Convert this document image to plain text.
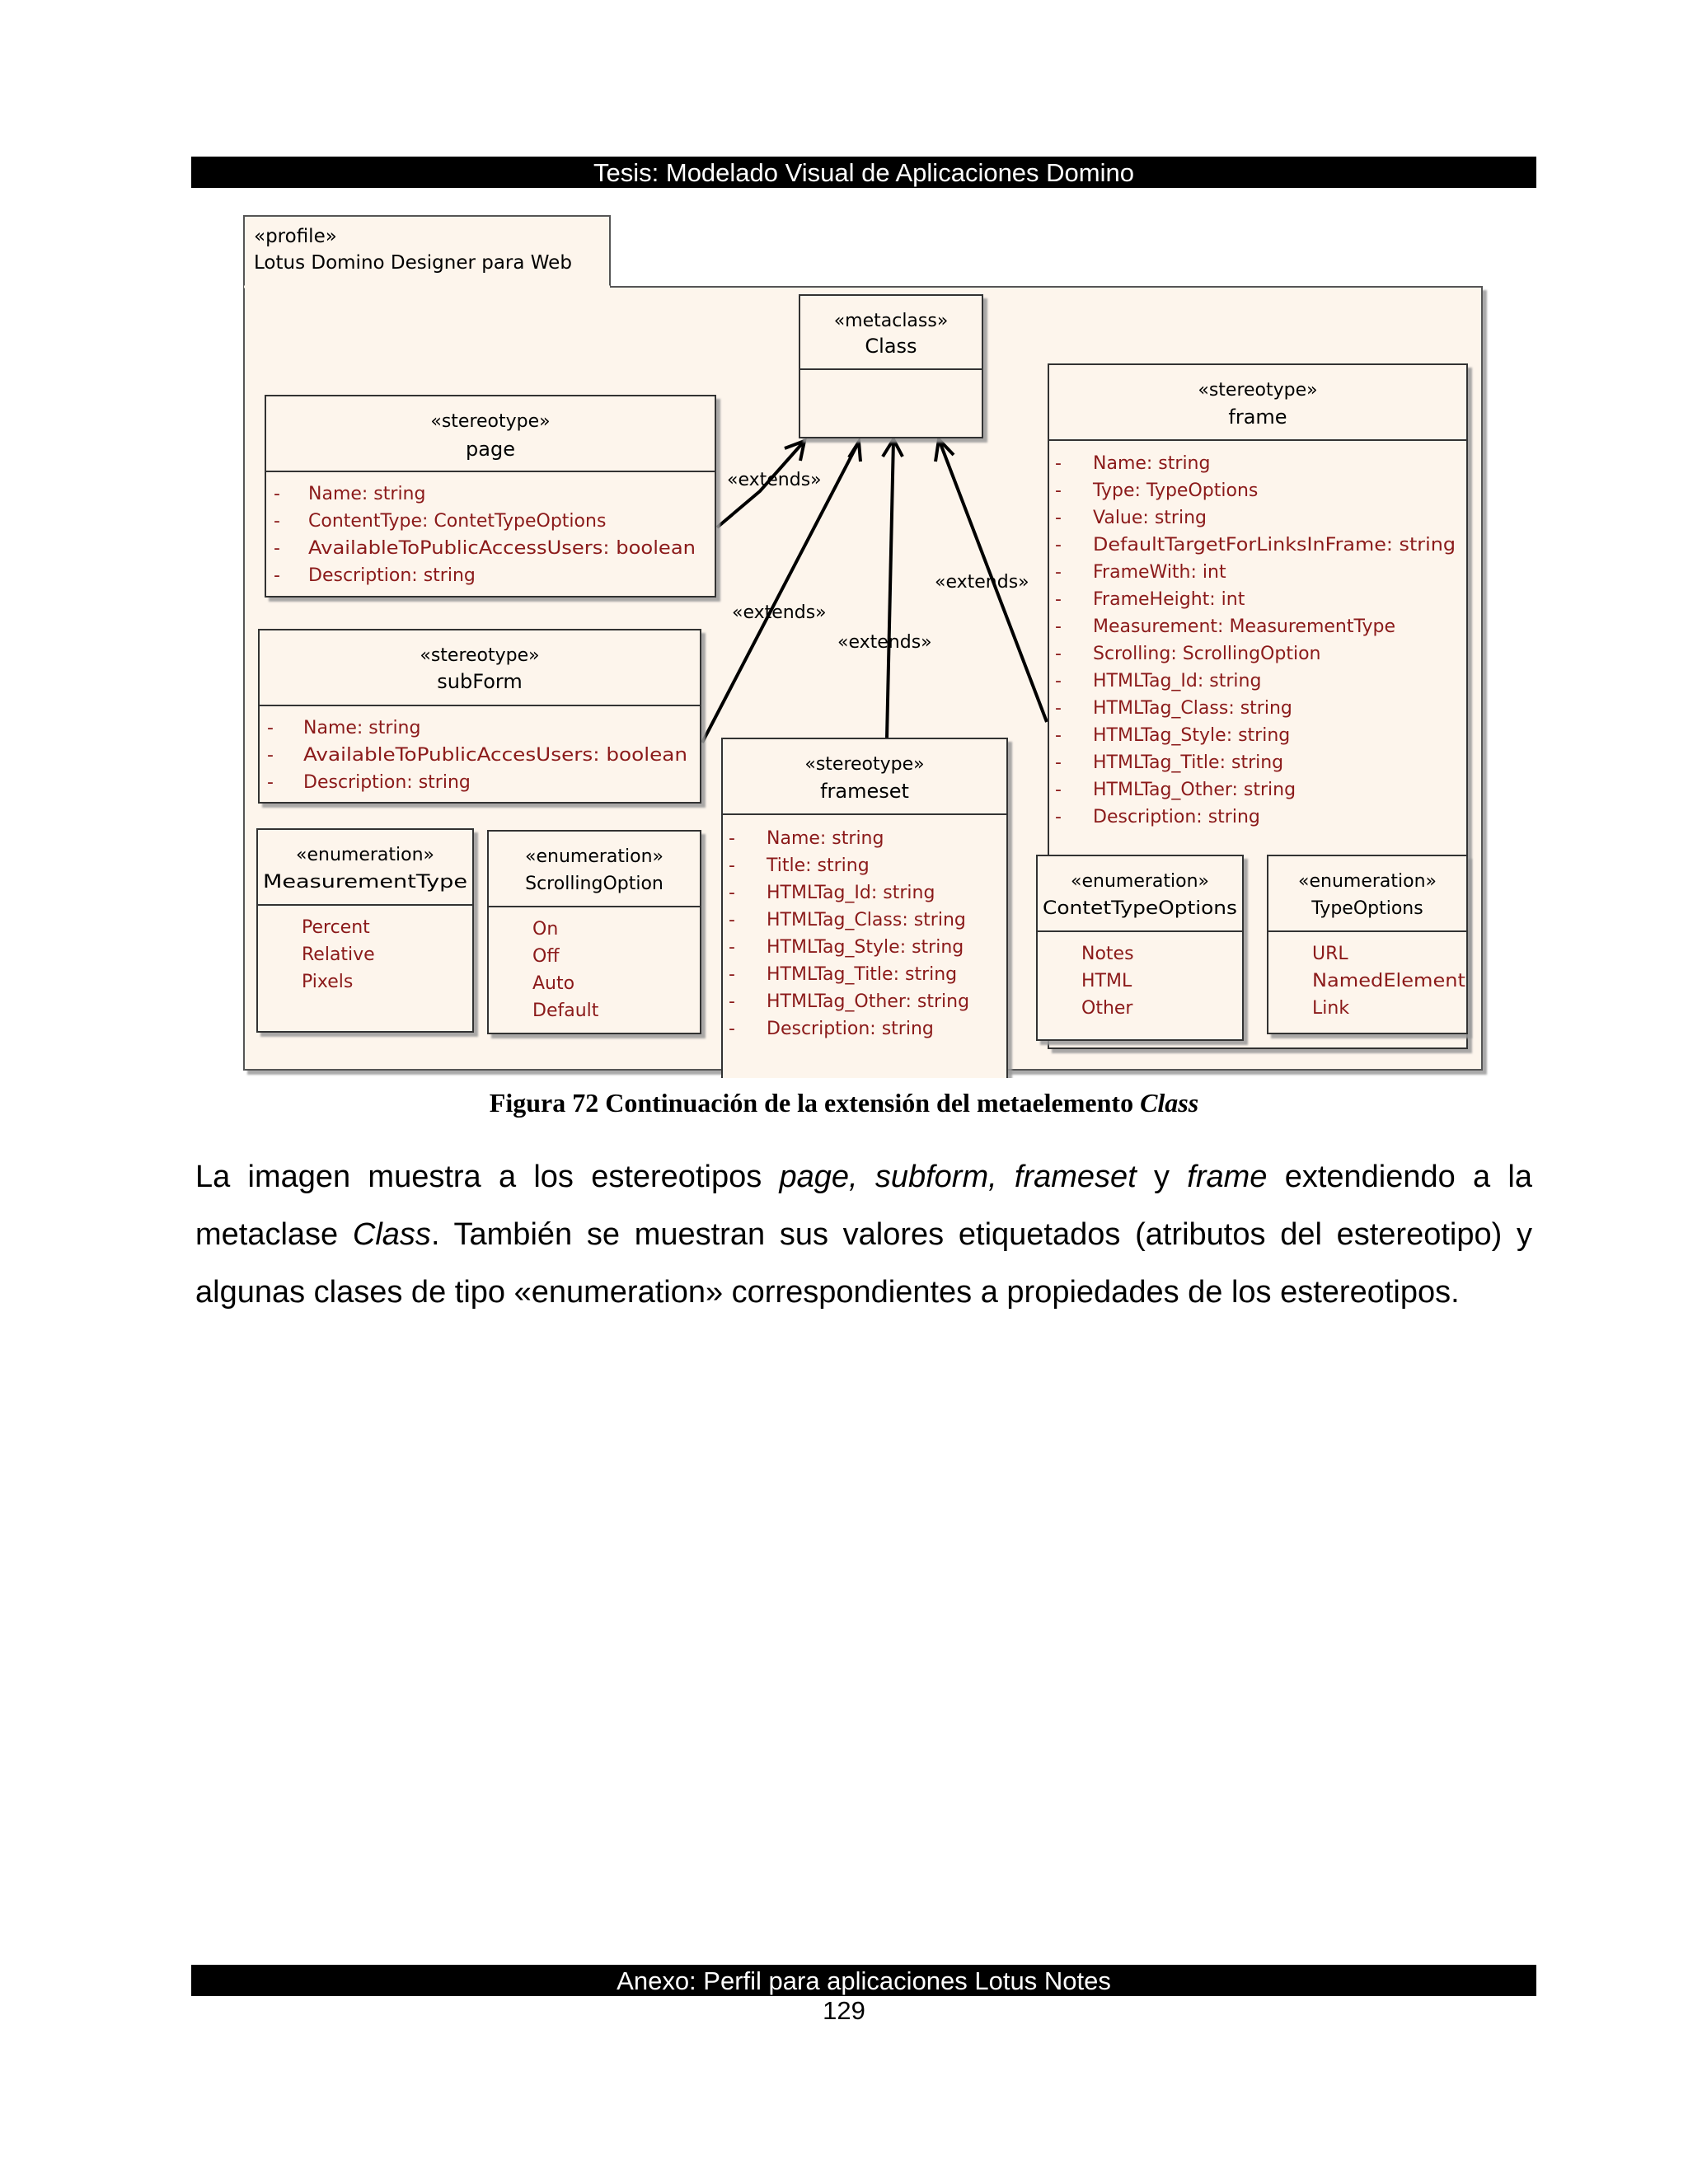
Tesis: Modelado Visual de Aplicaciones Domino
«profile»
Lotus Domino Designer para Web
«extends»
«extends»
«extends»
«extends»
«metaclass»
Class
«stereotype»
page
- Name: string
- ContentType: ContetTypeOptions
- AvailableToPublicAccessUsers: boolean
- Description: string
«stereotype»
subForm
- Name: string
- AvailableToPublicAccesUsers: boolean
- Description: string
«stereotype»
frameset
- Name: string
- Title: string
- HTMLTag_Id: string
- HTMLTag_Class: string
- HTMLTag_Style: string
- HTMLTag_Title: string
- HTMLTag_Other: string
- Description: string
«stereotype»
frame
- Name: string
- Type: TypeOptions
- Value: string
- DefaultTargetForLinksInFrame: string
- FrameWith: int
- FrameHeight: int
- Measurement: MeasurementType
- Scrolling: ScrollingOption
- HTMLTag_Id: string
- HTMLTag_Class: string
- HTMLTag_Style: string
- HTMLTag_Title: string
- HTMLTag_Other: string
- Description: string
«enumeration»
MeasurementType
Percent
Relative
Pixels
«enumeration»
ScrollingOption
On
Off
Auto
Default
«enumeration»
ContetTypeOptions
Notes
HTML
Other
«enumeration»
TypeOptions
URL
NamedElement
Link
Figura 72 Continuación de la extensión del metaelemento Class

La imagen muestra a los estereotipos page, subform, frameset y frame extendiendo a la metaclase Class. También se muestran sus valores etiquetados (atributos del estereotipo) y algunas clases de tipo «enumeration» correspondientes a propiedades de los estereotipos.

Anexo: Perfil para aplicaciones Lotus Notes
129
